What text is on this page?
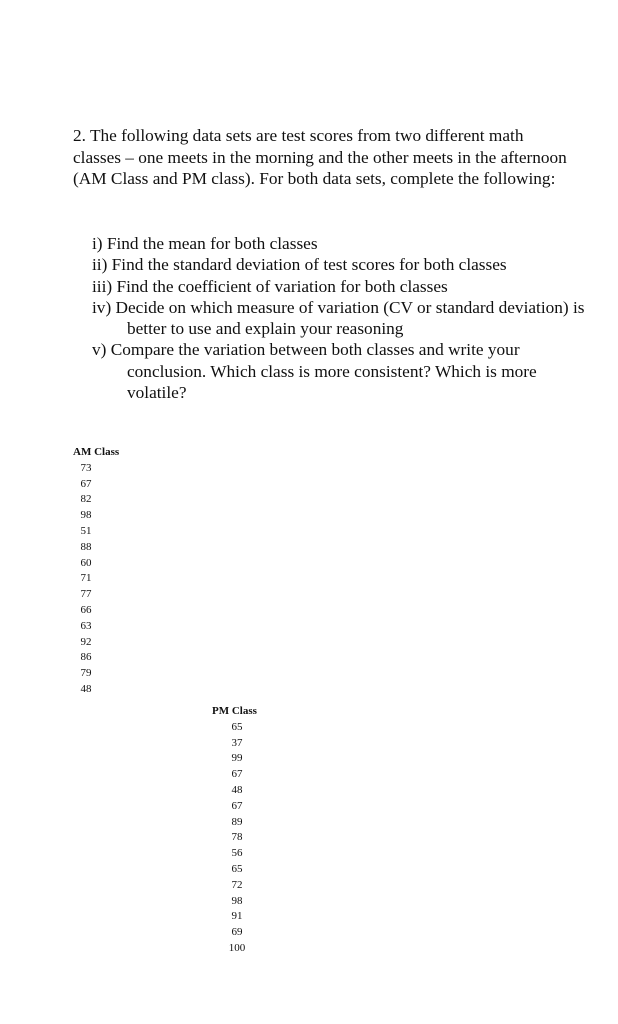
2. The following data sets are test scores from two different math classes – one meets in the morning and the other meets in the afternoon (AM Class and PM class). For both data sets, complete the following:

i) Find the mean for both classes
ii) Find the standard deviation of test scores for both classes
iii) Find the coefficient of variation for both classes
iv) Decide on which measure of variation (CV or standard deviation) is better to use and explain your reasoning
v) Compare the variation between both classes and write your conclusion. Which class is more consistent? Which is more volatile?
AM Class
73
67
82
98
51
88
60
71
77
66
63
92
86
79
48
PM Class
65
37
99
67
48
67
89
78
56
65
72
98
91
69
100
